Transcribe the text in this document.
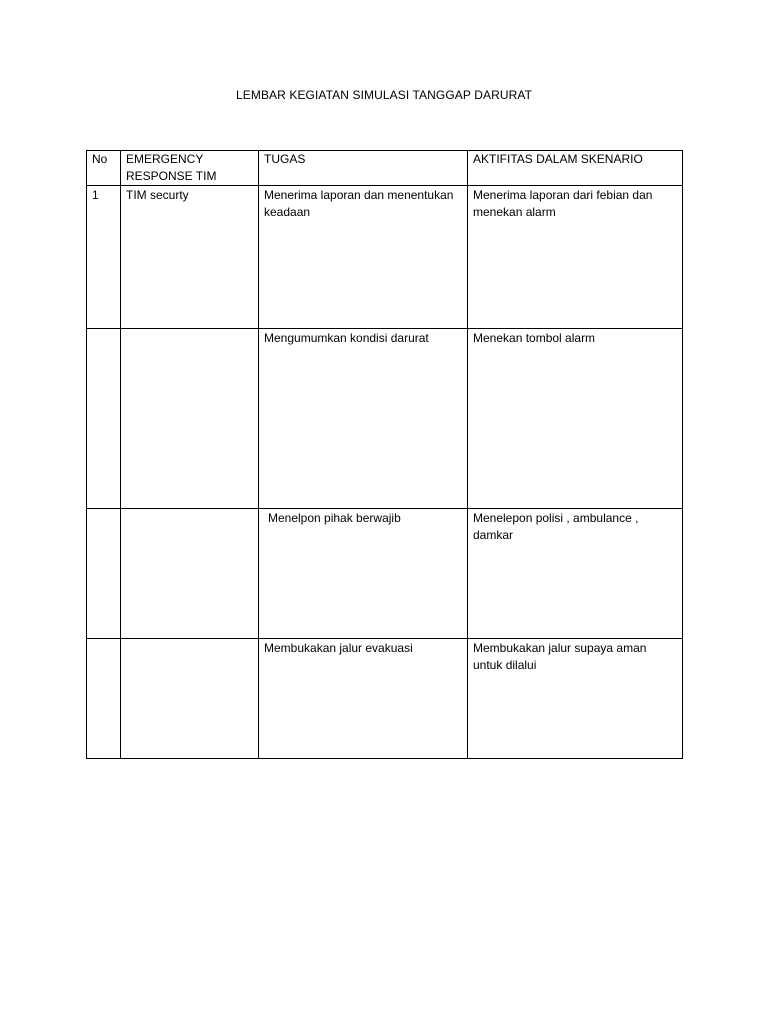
LEMBAR KEGIATAN SIMULASI TANGGAP DARURAT
No	EMERGENCY RESPONSE TIM	TUGAS	AKTIFITAS DALAM SKENARIO
1	TIM securty	Menerima laporan dan menentukan keadaan	Menerima laporan dari febian dan menekan alarm
		Mengumumkan kondisi darurat	Menekan tombol alarm
		Menelpon pihak berwajib	Menelepon polisi , ambulance , damkar
		Membukakan jalur evakuasi	Membukakan jalur supaya aman untuk dilalui
